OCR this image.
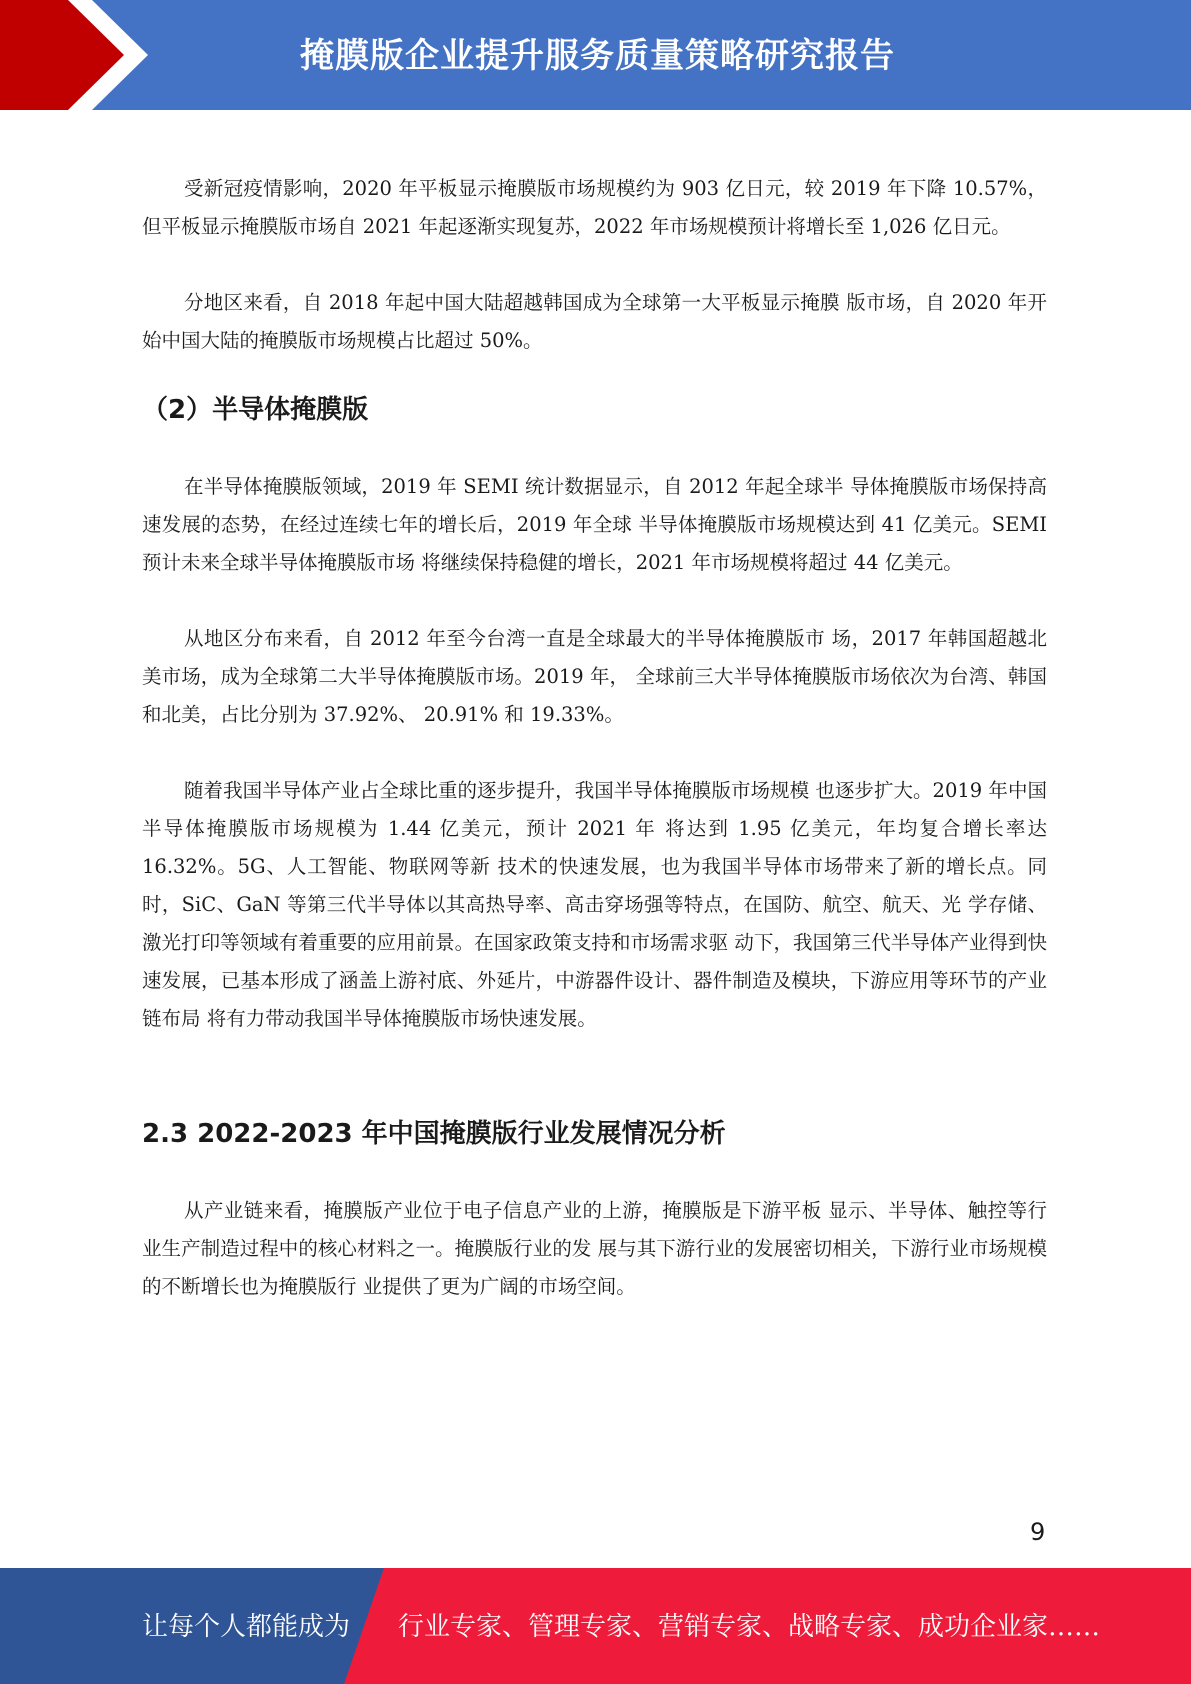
掩膜版企业提升服务质量策略研究报告

受新冠疫情影响，2020 年平板显示掩膜版市场规模约为 903 亿日元，较 2019 年下降 10.57%，但平板显示掩膜版市场自 2021 年起逐渐实现复苏，2022 年市场规模预计将增长至 1,026 亿日元。

分地区来看，自 2018 年起中国大陆超越韩国成为全球第一大平板显示掩膜 版市场，自 2020 年开始中国大陆的掩膜版市场规模占比超过 50%。

（2）半导体掩膜版

在半导体掩膜版领域，2019 年 SEMI 统计数据显示，自 2012 年起全球半 导体掩膜版市场保持高速发展的态势，在经过连续七年的增长后，2019 年全球 半导体掩膜版市场规模达到 41 亿美元。SEMI 预计未来全球半导体掩膜版市场 将继续保持稳健的增长，2021 年市场规模将超过 44 亿美元。

从地区分布来看，自 2012 年至今台湾一直是全球最大的半导体掩膜版市 场，2017 年韩国超越北美市场，成为全球第二大半导体掩膜版市场。2019 年， 全球前三大半导体掩膜版市场依次为台湾、韩国和北美，占比分别为 37.92%、 20.91% 和 19.33%。

随着我国半导体产业占全球比重的逐步提升，我国半导体掩膜版市场规模 也逐步扩大。2019 年中国半导体掩膜版市场规模为 1.44 亿美元，预计 2021 年 将达到 1.95 亿美元，年均复合增长率达 16.32%。5G、人工智能、物联网等新 技术的快速发展，也为我国半导体市场带来了新的增长点。同时，SiC、GaN 等第三代半导体以其高热导率、高击穿场强等特点，在国防、航空、航天、光 学存储、激光打印等领域有着重要的应用前景。在国家政策支持和市场需求驱 动下，我国第三代半导体产业得到快速发展，已基本形成了涵盖上游衬底、外延片，中游器件设计、器件制造及模块，下游应用等环节的产业链布局 将有力带动我国半导体掩膜版市场快速发展。

2.3 2022-2023 年中国掩膜版行业发展情况分析

从产业链来看，掩膜版产业位于电子信息产业的上游，掩膜版是下游平板 显示、半导体、触控等行业生产制造过程中的核心材料之一。掩膜版行业的发 展与其下游行业的发展密切相关，下游行业市场规模的不断增长也为掩膜版行 业提供了更为广阔的市场空间。

9
让每个人都能成为 行业专家、管理专家、营销专家、战略专家、成功企业家……
